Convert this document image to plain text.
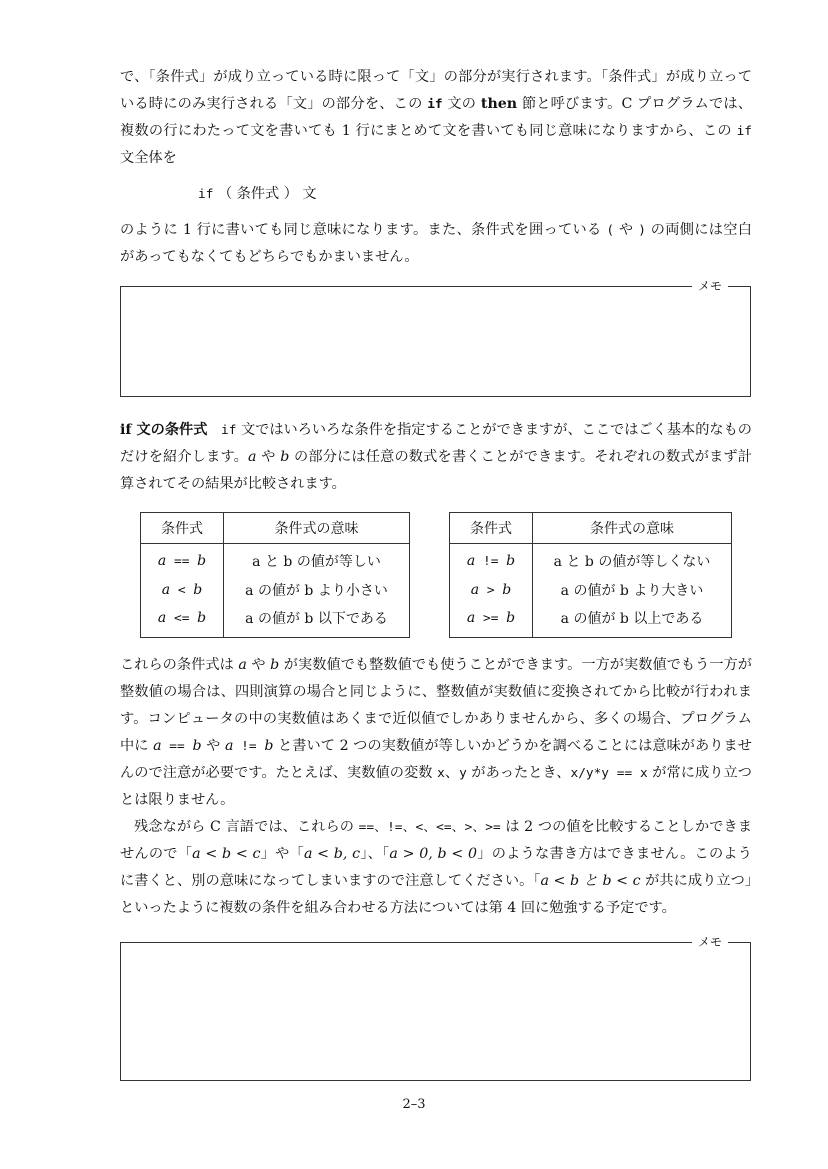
で、「条件式」が成り立っている時に限って「文」の部分が実行されます。「条件式」が成り立っている時にのみ実行される「文」の部分を、この if 文の then 節と呼びます。C プログラムでは、複数の行にわたって文を書いても 1 行にまとめて文を書いても同じ意味になりますから、この if 文全体を

if （ 条件式 ） 文

のように 1 行に書いても同じ意味になります。また、条件式を囲っている ( や ) の両側には空白があってもなくてもどちらでもかまいません。

メモ

if 文の条件式 if 文ではいろいろな条件を指定することができますが、ここではごく基本的なものだけを紹介します。a や b の部分には任意の数式を書くことができます。それぞれの数式がまず計算されてその結果が比較されます。

条件式	条件式の意味
a == b	a と b の値が等しい
a < b	a の値が b より小さい
a <= b	a の値が b 以下である
条件式	条件式の意味
a != b	a と b の値が等しくない
a > b	a の値が b より大きい
a >= b	a の値が b 以上である

これらの条件式は a や b が実数値でも整数値でも使うことができます。一方が実数値でもう一方が整数値の場合は、四則演算の場合と同じように、整数値が実数値に変換されてから比較が行われます。コンピュータの中の実数値はあくまで近似値でしかありませんから、多くの場合、プログラム中に a == b や a != b と書いて 2 つの実数値が等しいかどうかを調べることには意味がありませんので注意が必要です。たとえば、実数値の変数 x、y があったとき、x/y*y == x が常に成り立つとは限りません。

残念ながら C 言語では、これらの ==、!=、<、<=、>、>= は 2 つの値を比較することしかできませんので「a < b < c」や「a < b, c」、「a > 0, b < 0」のような書き方はできません。このように書くと、別の意味になってしまいますので注意してください。「a < b と b < c が共に成り立つ」といったように複数の条件を組み合わせる方法については第 4 回に勉強する予定です。

メモ
2–3
